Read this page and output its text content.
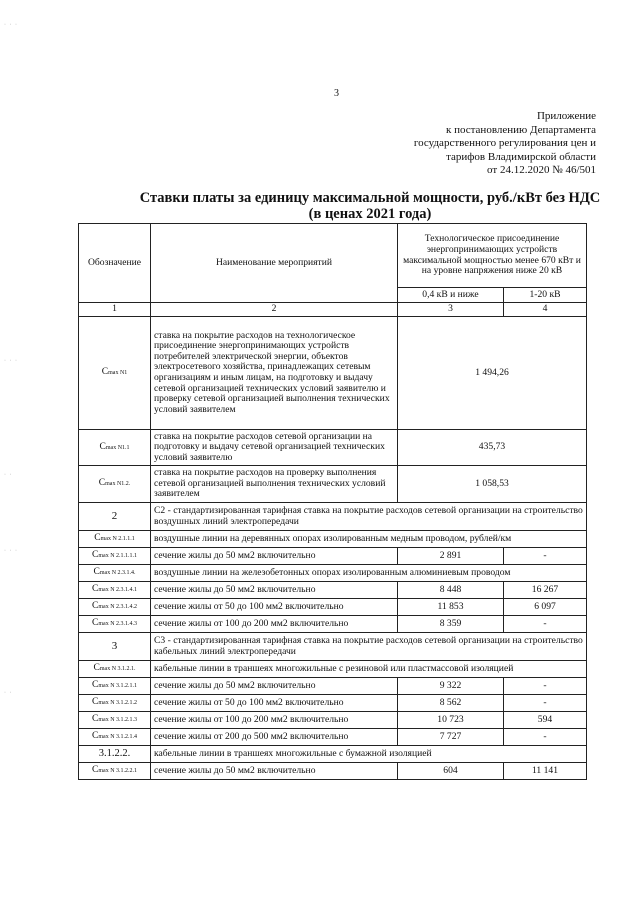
· · ·
· · ·
· ·
· · ·
· ·
3
Приложение
к постановлению Департамента
государственного регулирования цен и
тарифов Владимирской области
от 24.12.2020 № 46/501
Ставки платы за единицу максимальной мощности, руб./кВт без НДС
(в ценах 2021 года)
Обозначение	Наименование мероприятий	Технологическое присоединение энергопринимающих устройств максимальной мощностью менее 670 кВт и на уровне напряжения ниже 20 кВ	
		0,4 кВ и ниже	1-20 кВ
1	2	3	4
Cmax N1	ставка на покрытие расходов на технологическое присоединение энергопринимающих устройств потребителей электрической энергии, объектов электросетевого хозяйства, принадлежащих сетевым организациям и иным лицам, на подготовку и выдачу сетевой организацией технических условий заявителю и проверку сетевой организацией выполнения технических условий заявителем	1 494,26	
Cmax N1.1	ставка на покрытие расходов сетевой организации на подготовку и выдачу сетевой организацией технических условий заявителю	435,73	
Cmax N1.2.	ставка на покрытие расходов на проверку выполнения сетевой организацией выполнения технических условий заявителем	1 058,53	
2	С2 - стандартизированная тарифная ставка на покрытие расходов сетевой организации на строительство воздушных линий электропередачи		
Cmax N 2.1.1.1	воздушные линии на деревянных опорах изолированным медным проводом, рублей/км		
Cmax N 2.1.1.1.1	сечение жилы до 50 мм2 включительно	2 891	-
Cmax N 2.3.1.4.	воздушные линии на железобетонных опорах изолированным алюминиевым проводом		
Cmax N 2.3.1.4.1	сечение жилы до 50 мм2 включительно	8 448	16 267
Cmax N 2.3.1.4.2	сечение жилы от 50 до 100 мм2 включительно	11 853	6 097
Cmax N 2.3.1.4.3	сечение жилы от 100 до 200 мм2 включительно	8 359	-
3	С3 - стандартизированная тарифная ставка на покрытие расходов сетевой организации на строительство кабельных линий электропередачи		
Cmax N 3.1.2.1.	кабельные линии в траншеях многожильные с резиновой или пластмассовой изоляцией		
Cmax N 3.1.2.1.1	сечение жилы до 50 мм2 включительно	9 322	-
Cmax N 3.1.2.1.2	сечение жилы от 50 до 100 мм2 включительно	8 562	-
Cmax N 3.1.2.1.3	сечение жилы от 100 до 200 мм2 включительно	10 723	594
Cmax N 3.1.2.1.4	сечение жилы от 200 до 500 мм2 включительно	7 727	-
3.1.2.2.	кабельные линии в траншеях многожильные с бумажной изоляцией		
Cmax N 3.1.2.2.1	сечение жилы до 50 мм2 включительно	604	11 141
